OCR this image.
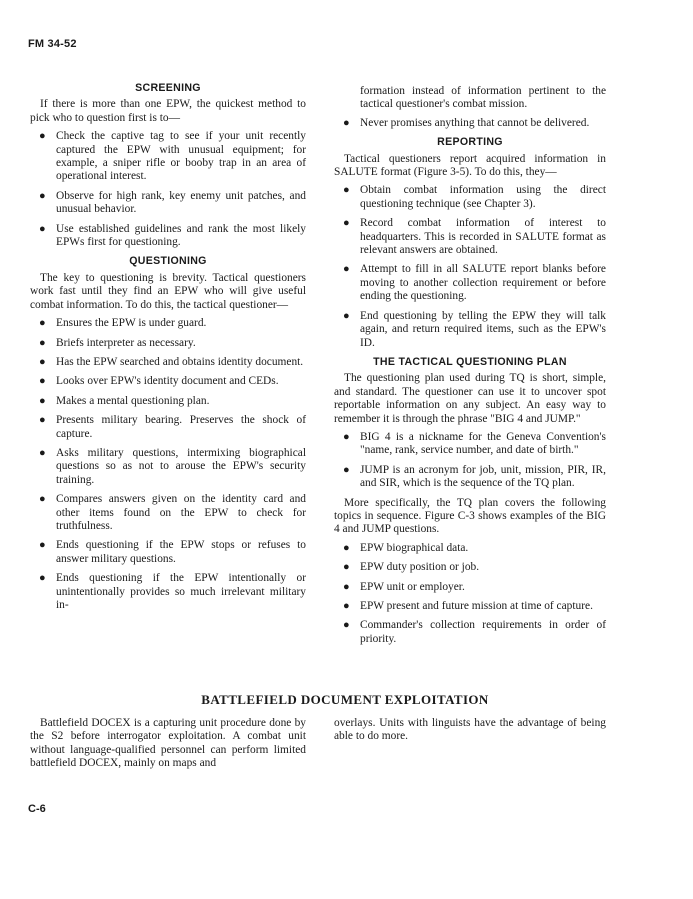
FM 34-52
SCREENING

If there is more than one EPW, the quickest method to pick who to question first is to—

● Check the captive tag to see if your unit recently captured the EPW with unusual equipment; for example, a sniper rifle or booby trap in an area of operational interest.
● Observe for high rank, key enemy unit patches, and unusual behavior.
● Use established guidelines and rank the most likely EPWs first for questioning.
QUESTIONING

The key to questioning is brevity. Tactical questioners work fast until they find an EPW who will give useful combat information. To do this, the tactical questioner—

● Ensures the EPW is under guard.
● Briefs interpreter as necessary.
● Has the EPW searched and obtains identity document.
● Looks over EPW's identity document and CEDs.
● Makes a mental questioning plan.
● Presents military bearing. Preserves the shock of capture.
● Asks military questions, intermixing biographical questions so as not to arouse the EPW's security training.
● Compares answers given on the identity card and other items found on the EPW to check for truthfulness.
● Ends questioning if the EPW stops or refuses to answer military questions.
● Ends questioning if the EPW intentionally or unintentionally provides so much irrelevant military in-

formation instead of information pertinent to the tactical questioner's combat mission.

● Never promises anything that cannot be delivered.
REPORTING

Tactical questioners report acquired information in SALUTE format (Figure 3-5). To do this, they—

● Obtain combat information using the direct questioning technique (see Chapter 3).
● Record combat information of interest to headquarters. This is recorded in SALUTE format as relevant answers are obtained.
● Attempt to fill in all SALUTE report blanks before moving to another collection requirement or before ending the questioning.
● End questioning by telling the EPW they will talk again, and return required items, such as the EPW's ID.
THE TACTICAL QUESTIONING PLAN

The questioning plan used during TQ is short, simple, and standard. The questioner can use it to uncover spot reportable information on any subject. An easy way to remember it is through the phrase "BIG 4 and JUMP."

● BIG 4 is a nickname for the Geneva Convention's "name, rank, service number, and date of birth."
● JUMP is an acronym for job, unit, mission, PIR, IR, and SIR, which is the sequence of the TQ plan.

More specifically, the TQ plan covers the following topics in sequence. Figure C-3 shows examples of the BIG 4 and JUMP questions.

● EPW biographical data.
● EPW duty position or job.
● EPW unit or employer.
● EPW present and future mission at time of capture.
● Commander's collection requirements in order of priority.
BATTLEFIELD DOCUMENT EXPLOITATION
Battlefield DOCEX is a capturing unit procedure done by the S2 before interrogator exploitation. A combat unit without language-qualified personnel can perform limited battlefield DOCEX, mainly on maps and
overlays. Units with linguists have the advantage of being able to do more.
C-6
